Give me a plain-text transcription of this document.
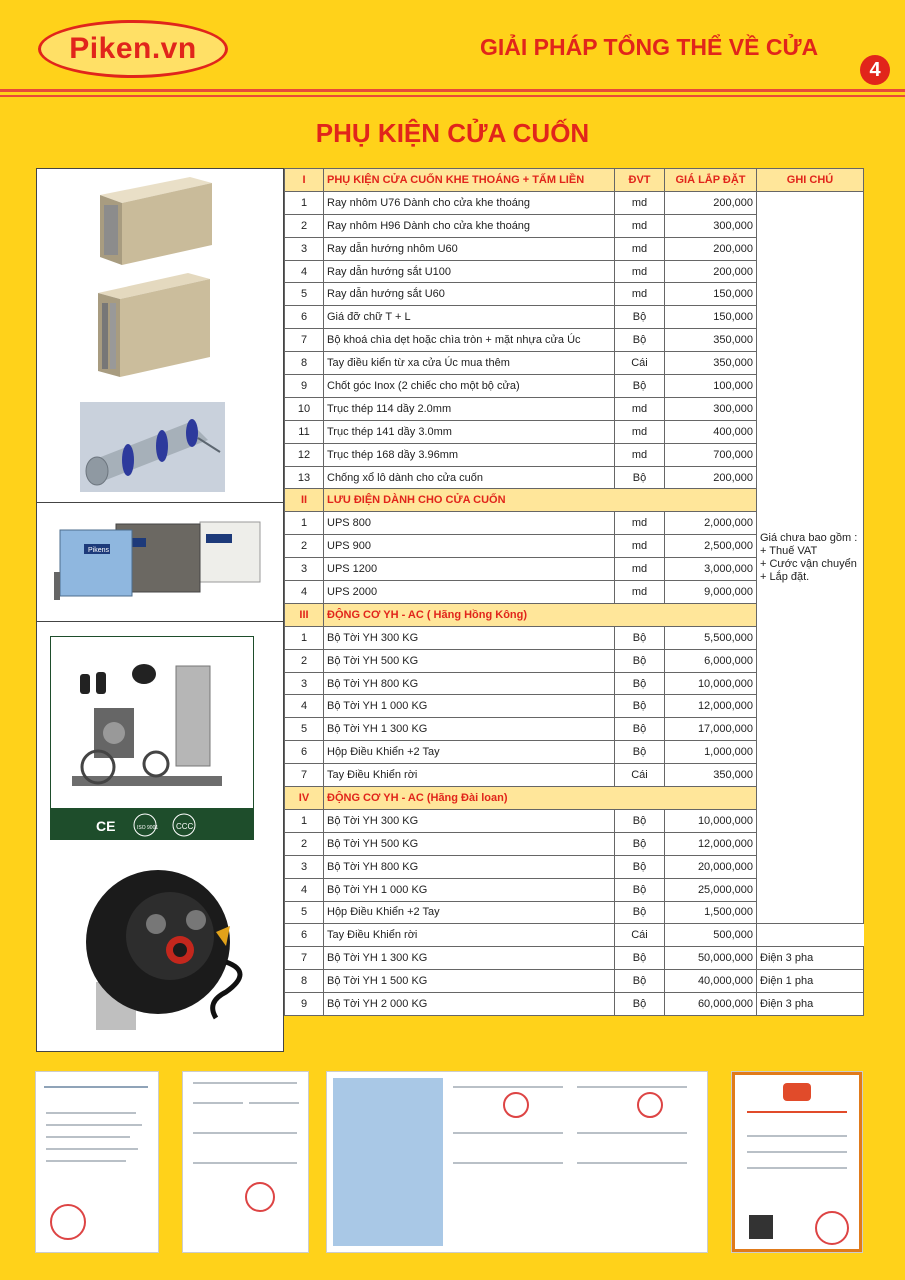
Piken.vn	GIẢI PHÁP TỔNG THỂ VỀ CỬA
4
PHỤ KIỆN CỬA CUỐN
Pikens
CE	ISO 9001 CCC
I	PHỤ KIỆN CỬA CUỐN KHE THOÁNG + TẤM LIỀN	ĐVT	GIÁ LẮP ĐẶT	GHI CHÚ
1	Ray nhôm U76 Dành cho cửa khe thoáng	md	200,000	Giá chưa bao gồm :
+ Thuế VAT
+ Cước vận chuyển
+ Lắp đặt.

2	Ray nhôm H96 Dành cho cửa khe thoáng	md	300,000	
3	Ray dẫn hướng nhôm U60	md	200,000	
4	Ray dẫn hướng sắt U100	md	200,000	
5	Ray dẫn hướng sắt U60	md	150,000	
6	Giá đỡ chữ T + L	Bộ	150,000	
7	Bộ khoá chìa dẹt hoặc chìa tròn + mặt nhựa cửa Úc	Bộ	350,000	
8	Tay điều kiển từ xa cửa Úc mua thêm	Cái	350,000	
9	Chốt góc Inox (2 chiếc cho một bộ cửa)	Bộ	100,000	
10	Trục thép 114 dầy 2.0mm	md	300,000	
11	Trục thép 141 dầy 3.0mm	md	400,000	
12	Trục thép 168 dầy 3.96mm	md	700,000	
13	Chống xổ lô dành cho cửa cuốn	Bộ	200,000	
II	LƯU ĐIỆN DÀNH CHO CỬA CUỐN			
1	UPS 800	md	2,000,000	
2	UPS 900	md	2,500,000	
3	UPS 1200	md	3,000,000	
4	UPS 2000	md	9,000,000	
III	ĐỘNG CƠ YH - AC ( Hãng Hồng Kông)			
1	Bộ Tời YH 300 KG	Bộ	5,500,000	
2	Bộ Tời YH 500 KG	Bộ	6,000,000	
3	Bộ Tời YH 800 KG	Bộ	10,000,000	
4	Bộ Tời YH 1 000 KG	Bộ	12,000,000	
5	Bộ Tời YH 1 300 KG	Bộ	17,000,000	
6	Hộp Điều Khiển +2 Tay	Bộ	1,000,000	
7	Tay Điều Khiển rời	Cái	350,000	
IV	ĐỘNG CƠ YH - AC (Hãng Đài loan)			
1	Bộ Tời YH 300 KG	Bộ	10,000,000	
2	Bộ Tời YH 500 KG	Bộ	12,000,000	
3	Bộ Tời YH 800 KG	Bộ	20,000,000	
4	Bộ Tời YH 1 000 KG	Bộ	25,000,000	
5	Hộp Điều Khiển +2 Tay	Bộ	1,500,000	
6	Tay Điều Khiển rời	Cái	500,000	
7	Bộ Tời YH 1 300 KG	Bộ	50,000,000	Điện 3 pha
8	Bộ Tời YH 1 500 KG	Bộ	40,000,000	Điện 1 pha
9	Bộ Tời YH 2 000 KG	Bộ	60,000,000	Điện 3 pha
